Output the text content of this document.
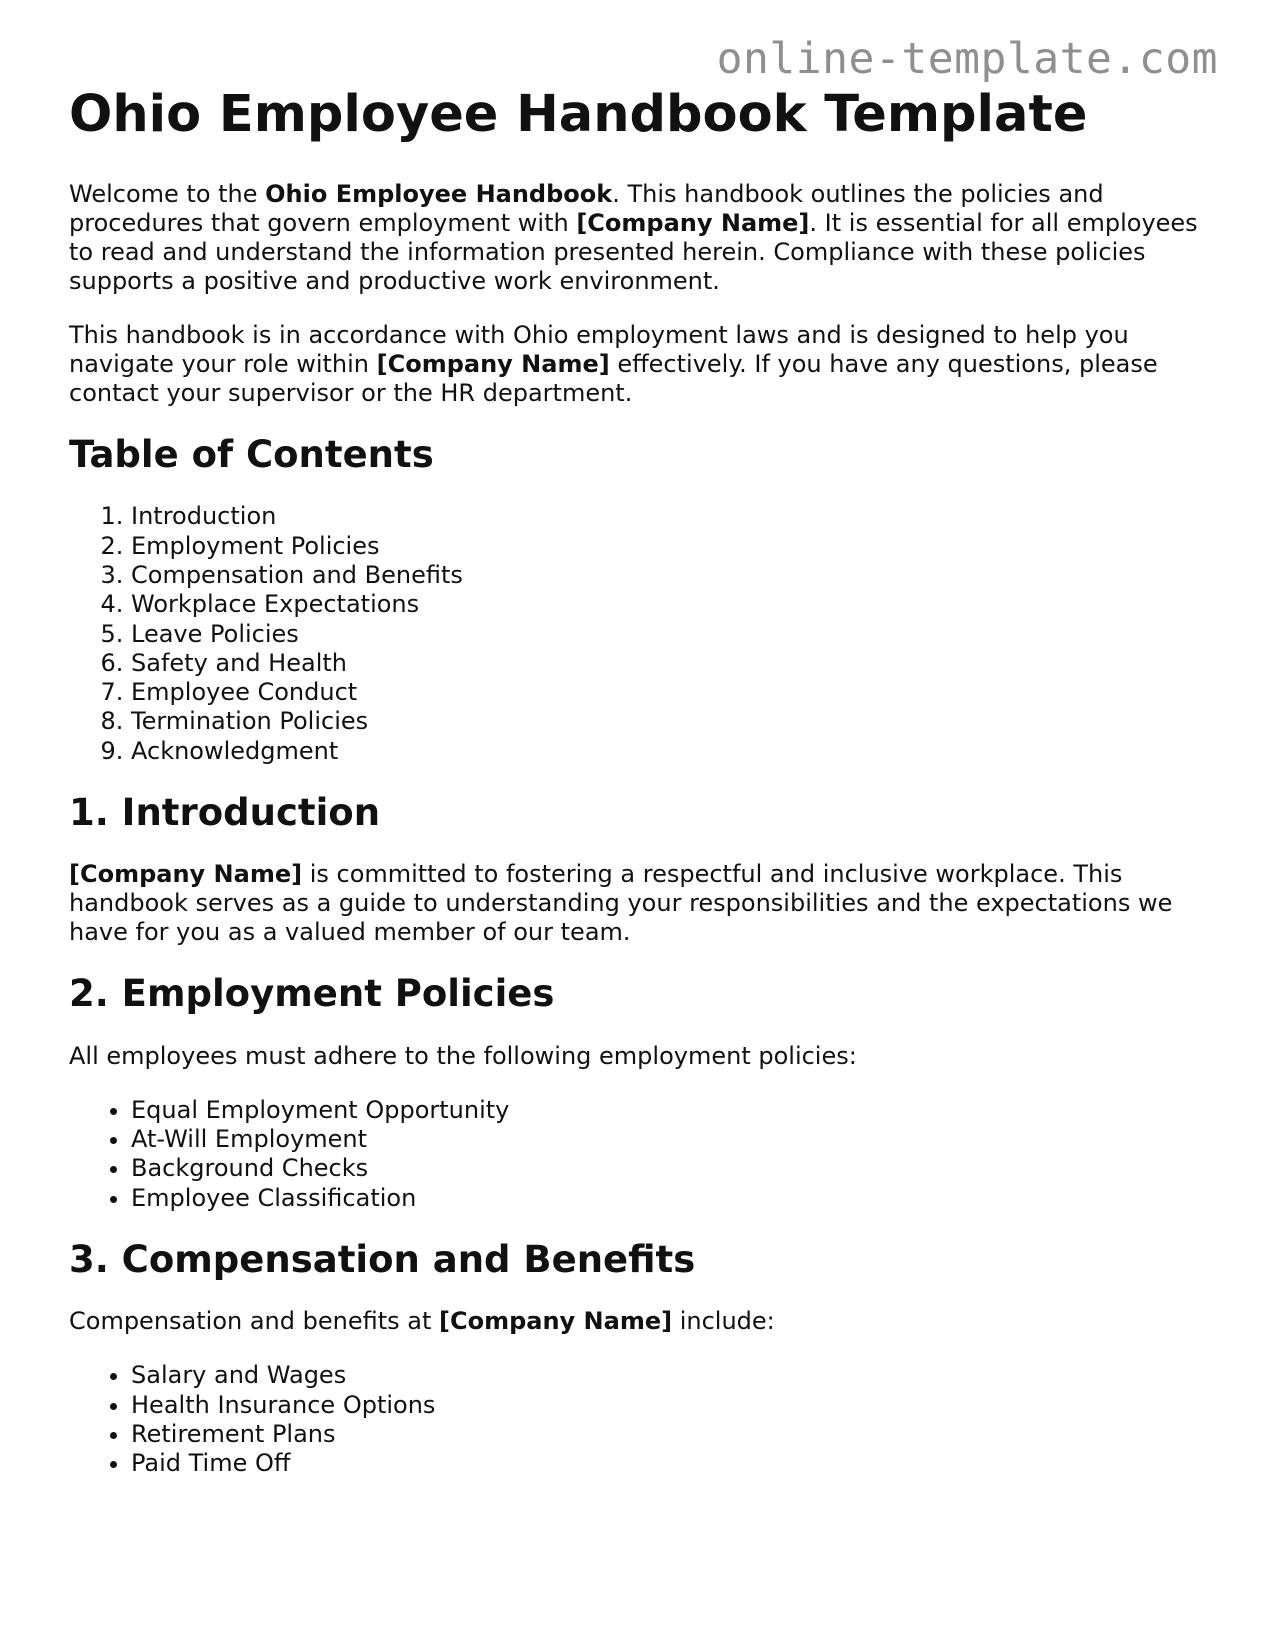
online-template.com
Ohio Employee Handbook Template

Welcome to the Ohio Employee Handbook. This handbook outlines the policies and procedures that govern employment with [Company Name]. It is essential for all employees to read and understand the information presented herein. Compliance with these policies supports a positive and productive work environment.

This handbook is in accordance with Ohio employment laws and is designed to help you navigate your role within [Company Name] effectively. If you have any questions, please contact your supervisor or the HR department.

Table of Contents
1. Introduction
2. Employment Policies
3. Compensation and Benefits
4. Workplace Expectations
5. Leave Policies
6. Safety and Health
7. Employee Conduct
8. Termination Policies
9. Acknowledgment
1. Introduction

[Company Name] is committed to fostering a respectful and inclusive workplace. This handbook serves as a guide to understanding your responsibilities and the expectations we have for you as a valued member of our team.

2. Employment Policies

All employees must adhere to the following employment policies:

• Equal Employment Opportunity
• At-Will Employment
• Background Checks
• Employee Classification
3. Compensation and Benefits

Compensation and benefits at [Company Name] include:

• Salary and Wages
• Health Insurance Options
• Retirement Plans
• Paid Time Off
